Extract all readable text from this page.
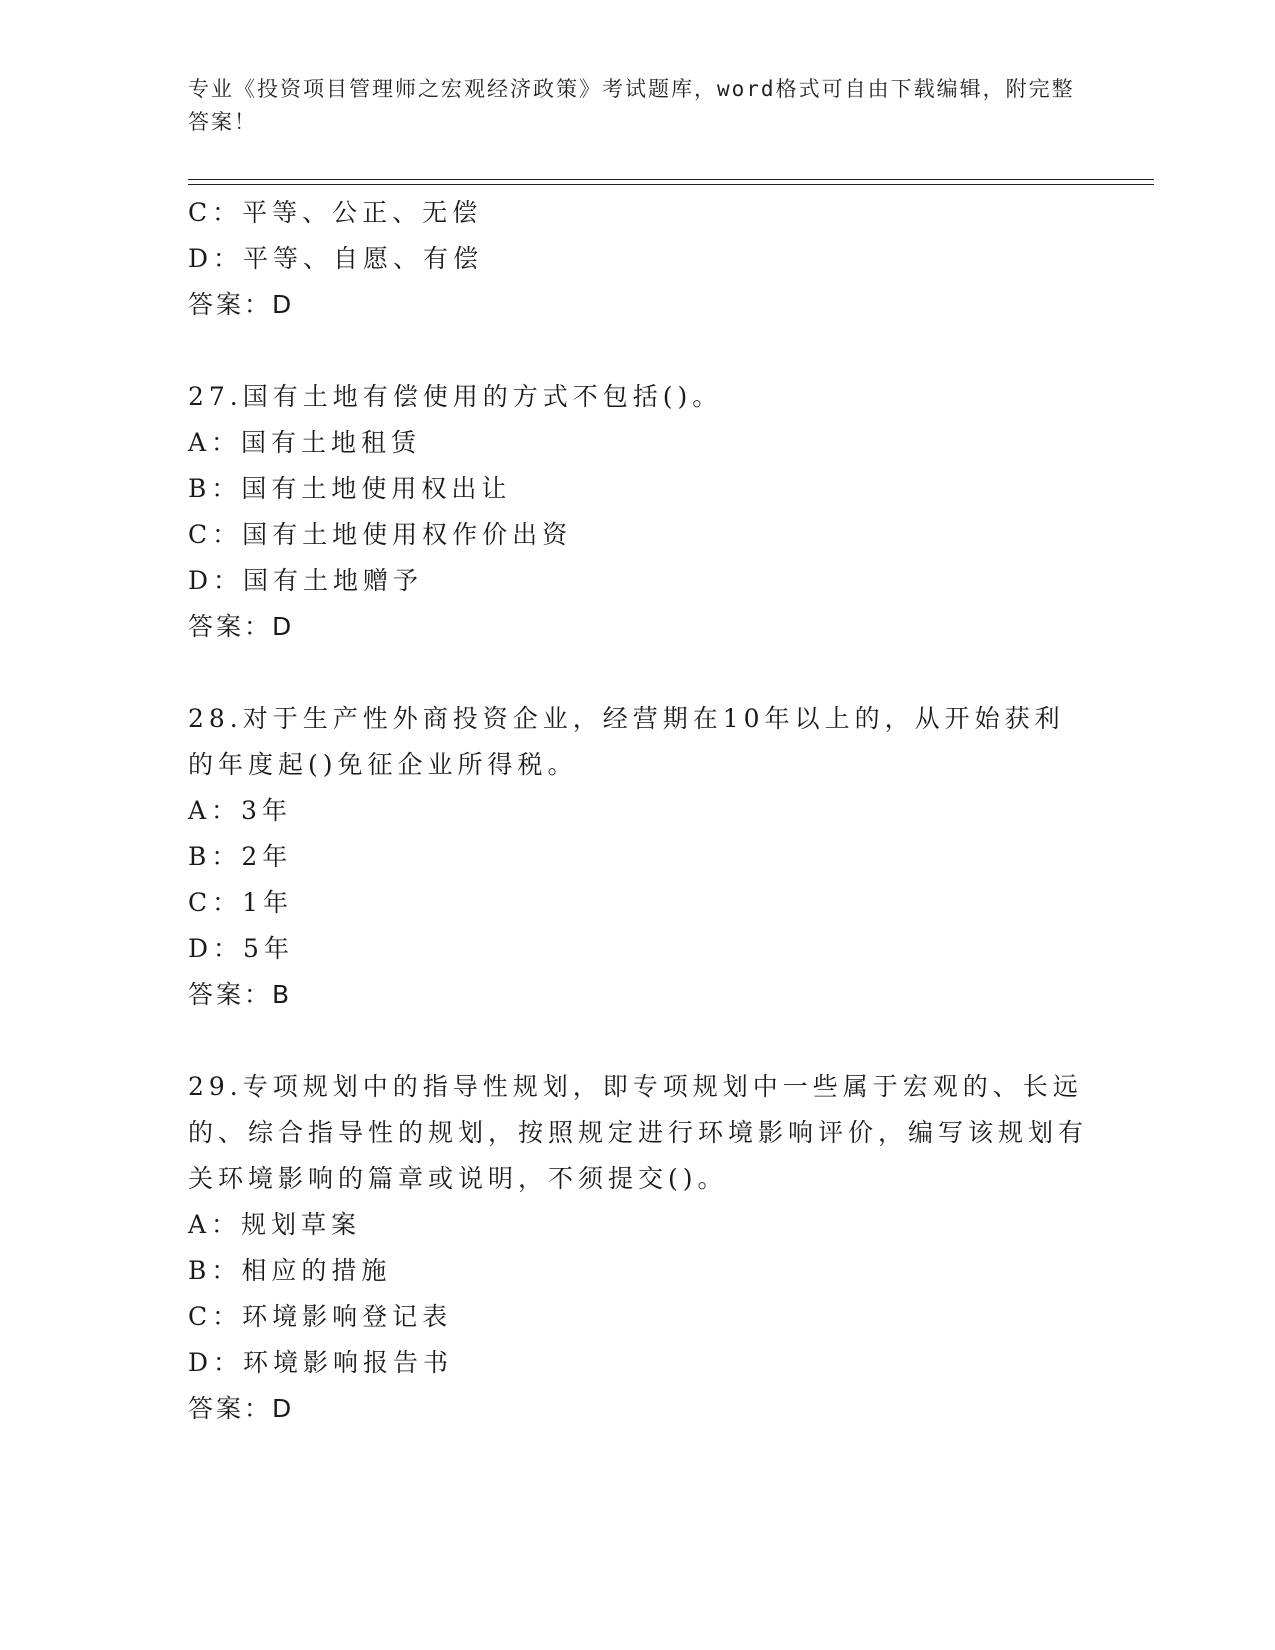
专业《投资项目管理师之宏观经济政策》考试题库，word格式可自由下载编辑，附完整答案！
C：平等、公正、无偿
D：平等、自愿、有偿
答案：D
27.国有土地有偿使用的方式不包括()。
A：国有土地租赁
B：国有土地使用权出让
C：国有土地使用权作价出资
D：国有土地赠予
答案：D
28.对于生产性外商投资企业，经营期在10年以上的，从开始获利的年度起()免征企业所得税。
A：3年
B：2年
C：1年
D：5年
答案：B
29.专项规划中的指导性规划，即专项规划中一些属于宏观的、长远的、综合指导性的规划，按照规定进行环境影响评价，编写该规划有关环境影响的篇章或说明，不须提交()。
A：规划草案
B：相应的措施
C：环境影响登记表
D：环境影响报告书
答案：D
